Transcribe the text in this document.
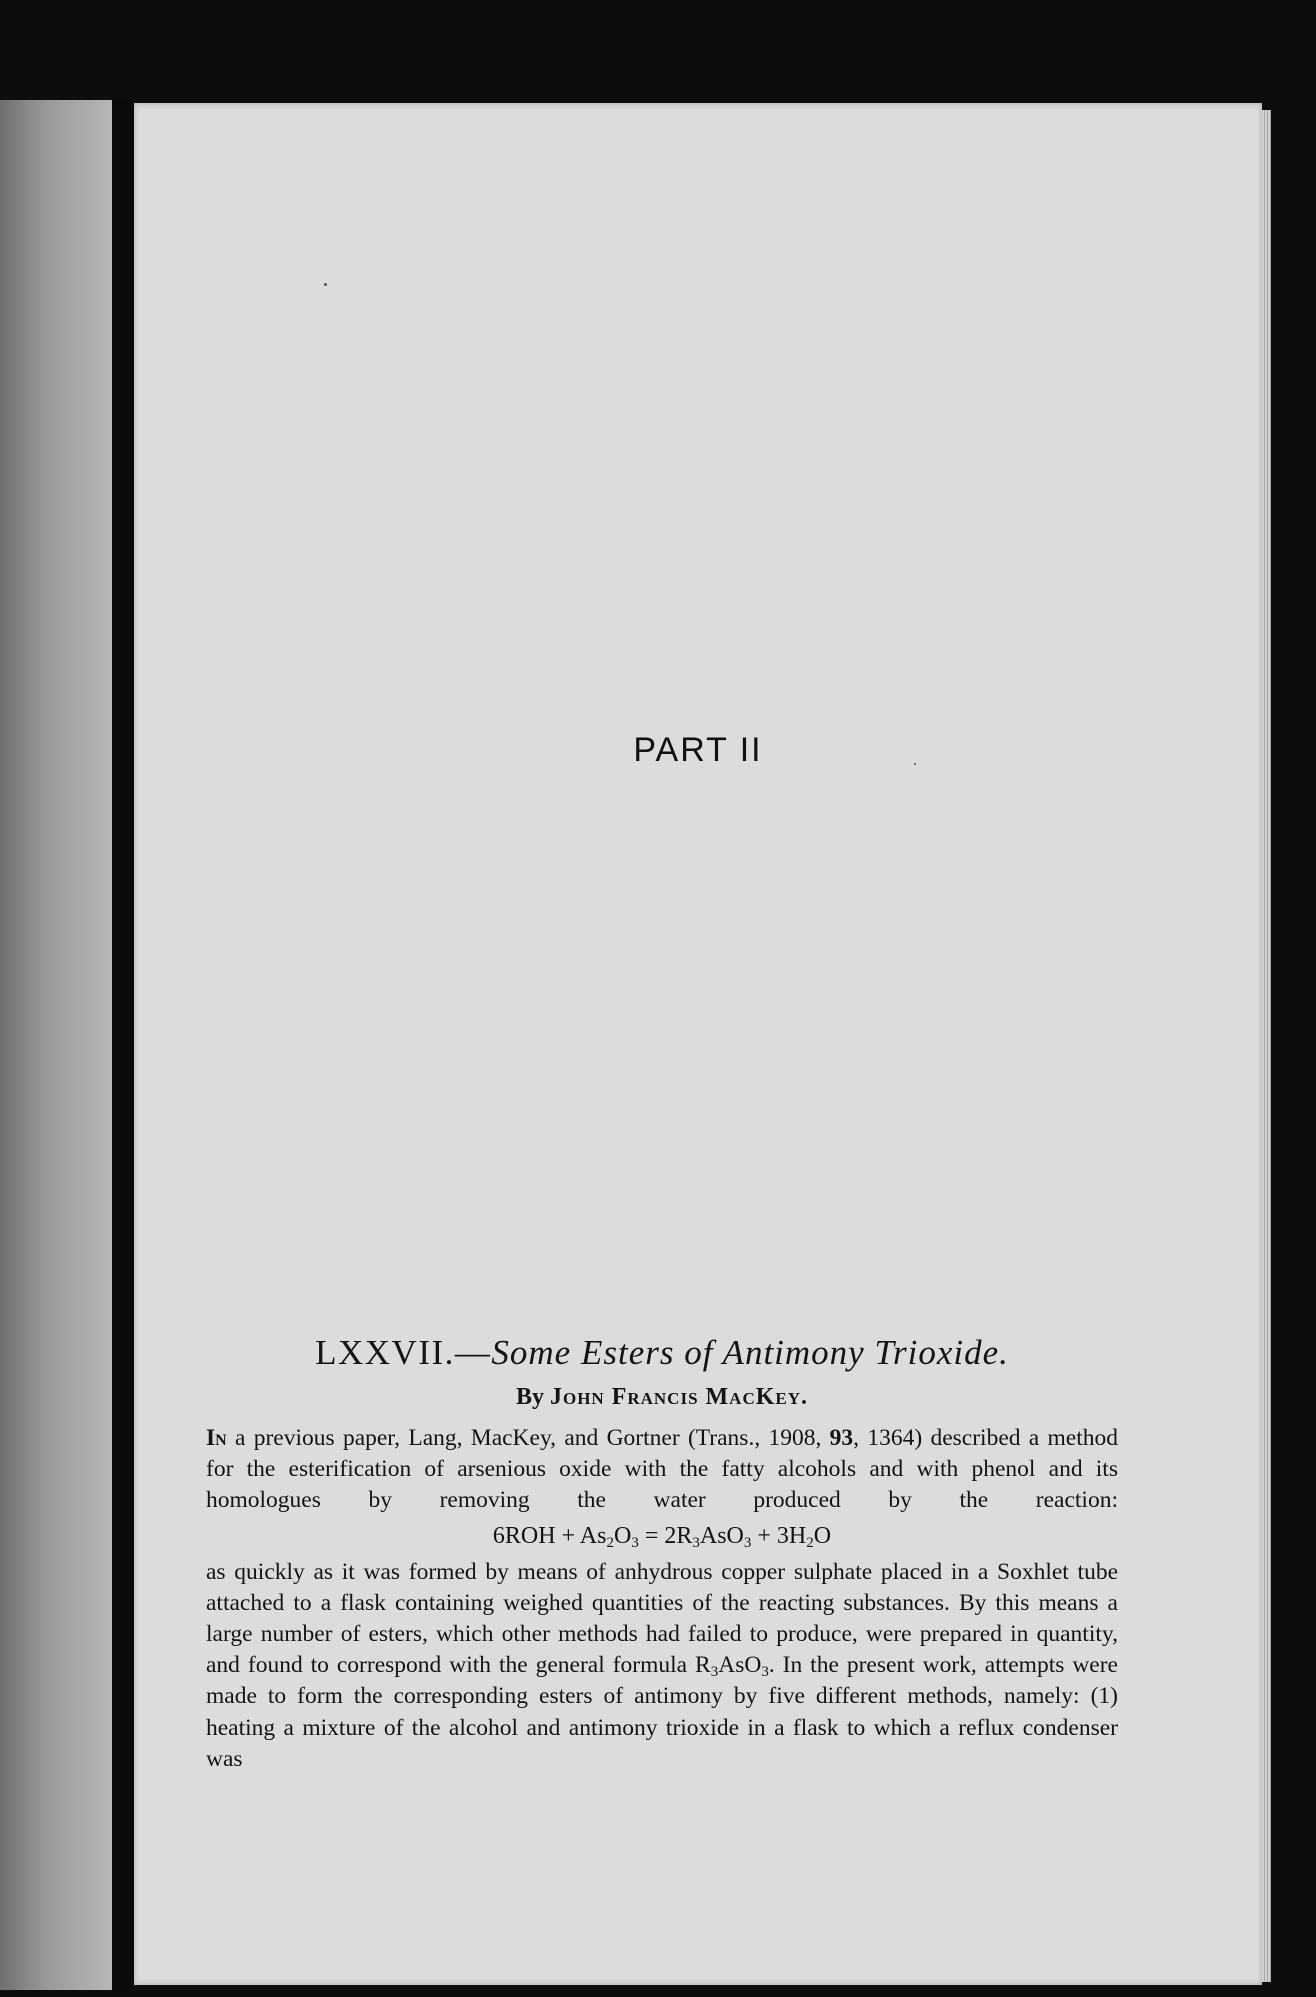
PART II
LXXVII.—Some Esters of Antimony Trioxide.
By John Francis MacKey.

In a previous paper, Lang, MacKey, and Gortner (Trans., 1908, 93, 1364) described a method for the esterification of arsenious oxide with the fatty alcohols and with phenol and its homologues by removing the water produced by the reaction:

$6ROH + As_2O_3 = 2R_3AsO_3 + 3H_2O$

as quickly as it was formed by means of anhydrous copper sulphate placed in a Soxhlet tube attached to a flask containing weighed quantities of the reacting substances. By this means a large number of esters, which other methods had failed to produce, were prepared in quantity, and found to correspond with the general formula $R_3AsO_3$. In the present work, attempts were made to form the corresponding esters of antimony by five different methods, namely: (1) heating a mixture of the alcohol and antimony trioxide in a flask to which a reflux condenser was
